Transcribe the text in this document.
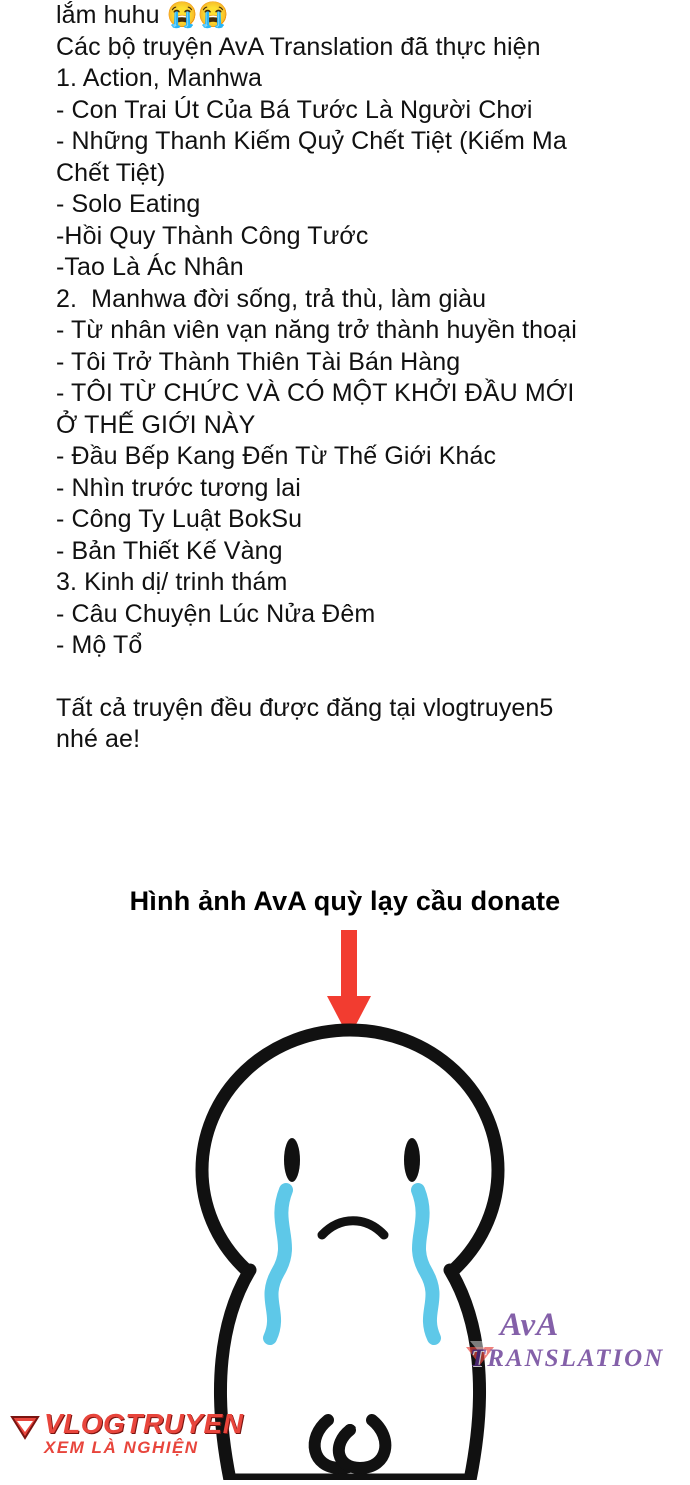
lắm huhu 😭😭
Các bộ truyện AvA Translation đã thực hiện
1. Action, Manhwa
- Con Trai Út Của Bá Tước Là Người Chơi
- Những Thanh Kiếm Quỷ Chết Tiệt (Kiếm Ma
Chết Tiệt)
- Solo Eating
-Hồi Quy Thành Công Tước
-Tao Là Ác Nhân
2.  Manhwa đời sống, trả thù, làm giàu
- Từ nhân viên vạn năng trở thành huyền thoại
- Tôi Trở Thành Thiên Tài Bán Hàng
- TÔI TỪ CHỨC VÀ CÓ MỘT KHỞI ĐẦU MỚI
Ở THẾ GIỚI NÀY
- Đầu Bếp Kang Đến Từ Thế Giới Khác
- Nhìn trước tương lai
- Công Ty Luật BokSu
- Bản Thiết Kế Vàng
3. Kinh dị/ trinh thám
- Câu Chuyện Lúc Nửa Đêm
- Mộ Tổ
Tất cả truyện đều được đăng tại vlogtruyen5
nhé ae!
Hình ảnh AvA quỳ lạy cầu donate
AvA
TRANSLATION
VLOGTRUYEN
XEM LÀ NGHIỆN
